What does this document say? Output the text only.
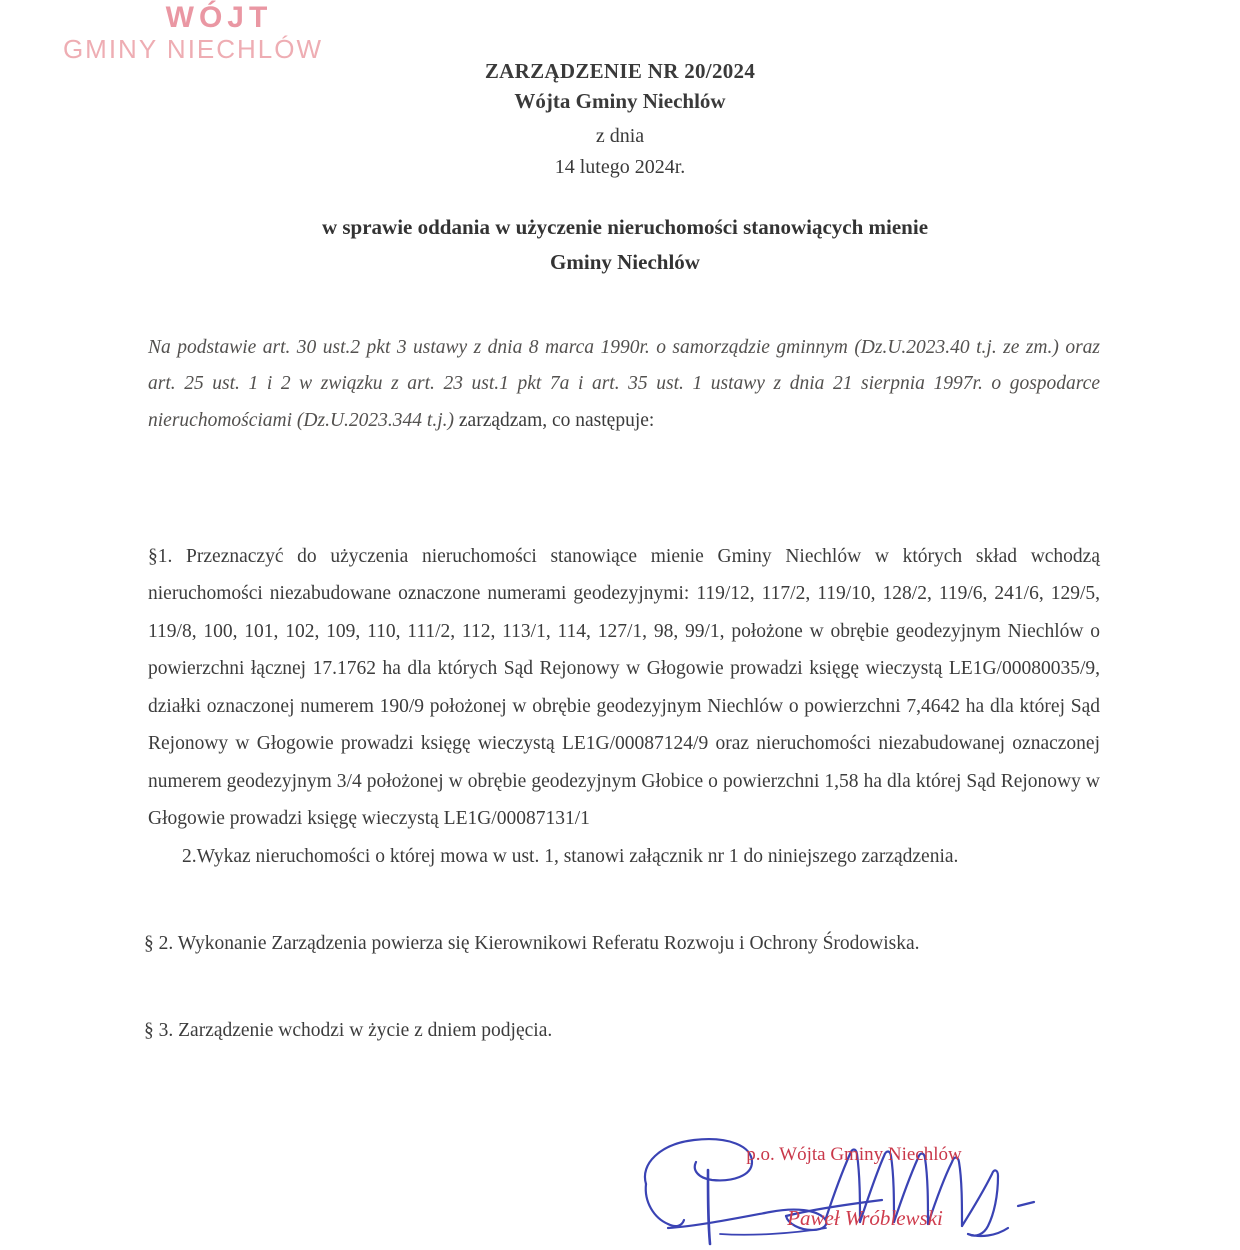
WÓJT
GMINY NIECHLÓW
ZARZĄDZENIE NR 20/2024
Wójta Gminy Niechlów
z dnia
14 lutego 2024r.
w sprawie oddania w użyczenie nieruchomości stanowiących mienie
Gminy Niechlów
Na podstawie art. 30 ust.2 pkt 3 ustawy z dnia 8 marca 1990r. o samorządzie gminnym (Dz.U.2023.40 t.j. ze zm.) oraz art. 25 ust. 1 i 2 w związku z art. 23 ust.1 pkt 7a i art. 35 ust. 1 ustawy z dnia 21 sierpnia 1997r. o gospodarce nieruchomościami (Dz.U.2023.344 t.j.) zarządzam, co następuje:
§1. Przeznaczyć do użyczenia nieruchomości stanowiące mienie Gminy Niechlów w których skład wchodzą nieruchomości niezabudowane oznaczone numerami geodezyjnymi: 119/12, 117/2, 119/10, 128/2, 119/6, 241/6, 129/5, 119/8, 100, 101, 102, 109, 110, 111/2, 112, 113/1, 114, 127/1, 98, 99/1, położone w obrębie geodezyjnym Niechlów o powierzchni łącznej 17.1762 ha dla których Sąd Rejonowy w Głogowie prowadzi księgę wieczystą LE1G/00080035/9, działki oznaczonej numerem 190/9 położonej w obrębie geodezyjnym Niechlów o powierzchni 7,4642 ha dla której Sąd Rejonowy w Głogowie prowadzi księgę wieczystą LE1G/00087124/9 oraz nieruchomości niezabudowanej oznaczonej numerem geodezyjnym 3/4 położonej w obrębie geodezyjnym Głobice o powierzchni 1,58 ha dla której Sąd Rejonowy w Głogowie prowadzi księgę wieczystą LE1G/00087131/1
2.Wykaz nieruchomości o której mowa w ust. 1, stanowi załącznik nr 1 do niniejszego zarządzenia.
§ 2. Wykonanie Zarządzenia powierza się Kierownikowi Referatu Rozwoju i Ochrony Środowiska.
§ 3. Zarządzenie wchodzi w życie z dniem podjęcia.
p.o. Wójta Gminy Niechlów
Paweł Wróblewski
